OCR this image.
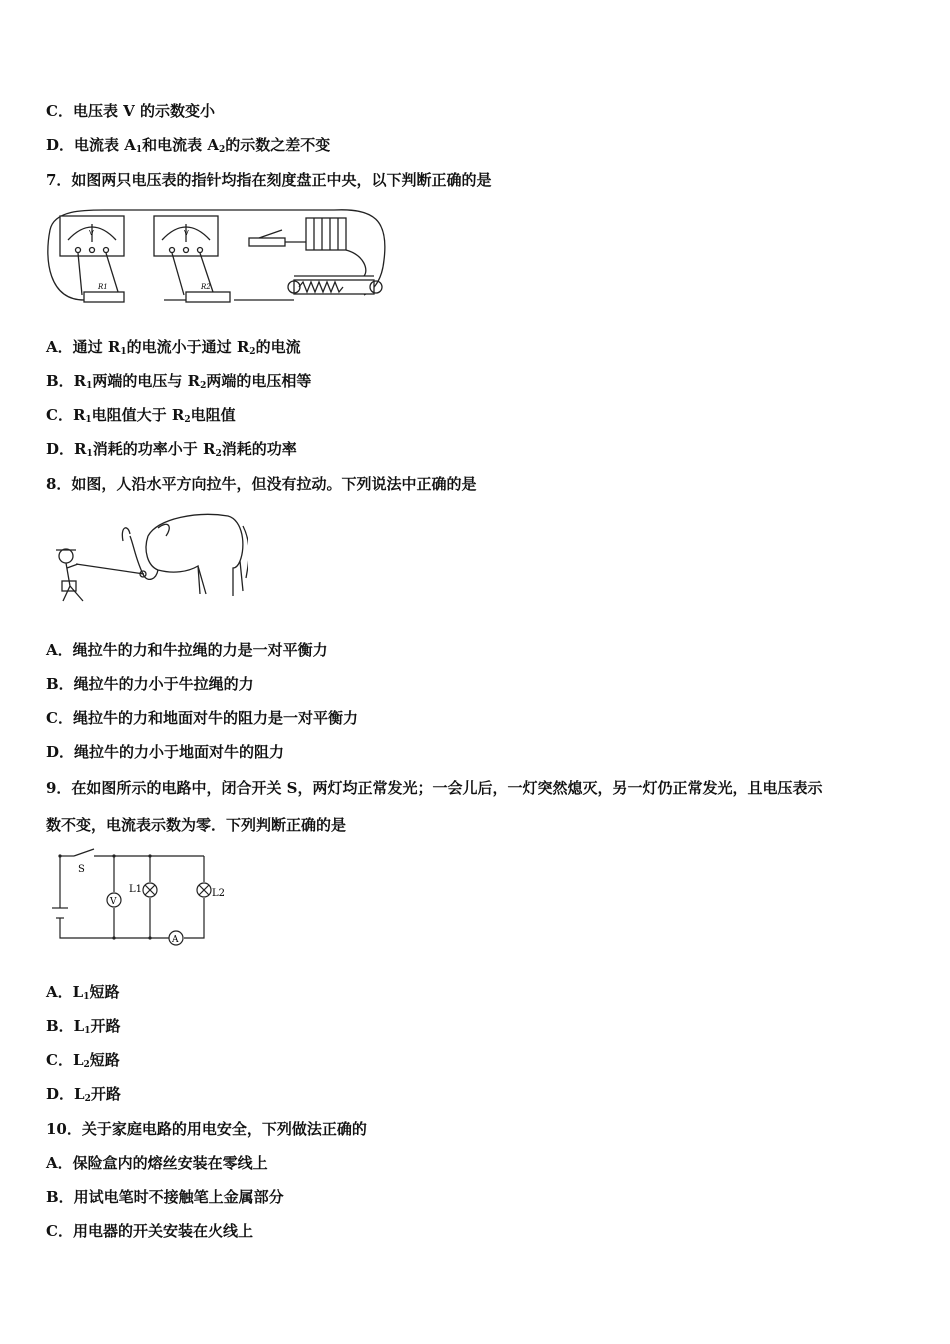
C．电压表 V 的示数变小
D．电流表 $A_1$和电流表 $A_2$的示数之差不变
7．如图两只电压表的指针均指在刻度盘正中央，以下判断正确的是
V	V
R1	R2
A．通过 $R_1$的电流小于通过 $R_2$的电流
B．$R_1$两端的电压与 $R_2$两端的电压相等
C．$R_1$电阻值大于 $R_2$电阻值
D．$R_1$消耗的功率小于 $R_2$消耗的功率
8．如图，人沿水平方向拉牛，但没有拉动。下列说法中正确的是
A．绳拉牛的力和牛拉绳的力是一对平衡力
B．绳拉牛的力小于牛拉绳的力
C．绳拉牛的力和地面对牛的阻力是一对平衡力
D．绳拉牛的力小于地面对牛的阻力
9．在如图所示的电路中，闭合开关 S，两灯均正常发光；一会儿后，一灯突然熄灭，另一灯仍正常发光，且电压表示
数不变，电流表示数为零．下列判断正确的是
S
V
A
L1	L2
A．$L_1$短路
B．$L_1$开路
C．$L_2$短路
D．$L_2$开路
10．关于家庭电路的用电安全，下列做法正确的
A．保险盒内的熔丝安装在零线上
B．用试电笔时不接触笔上金属部分
C．用电器的开关安装在火线上
